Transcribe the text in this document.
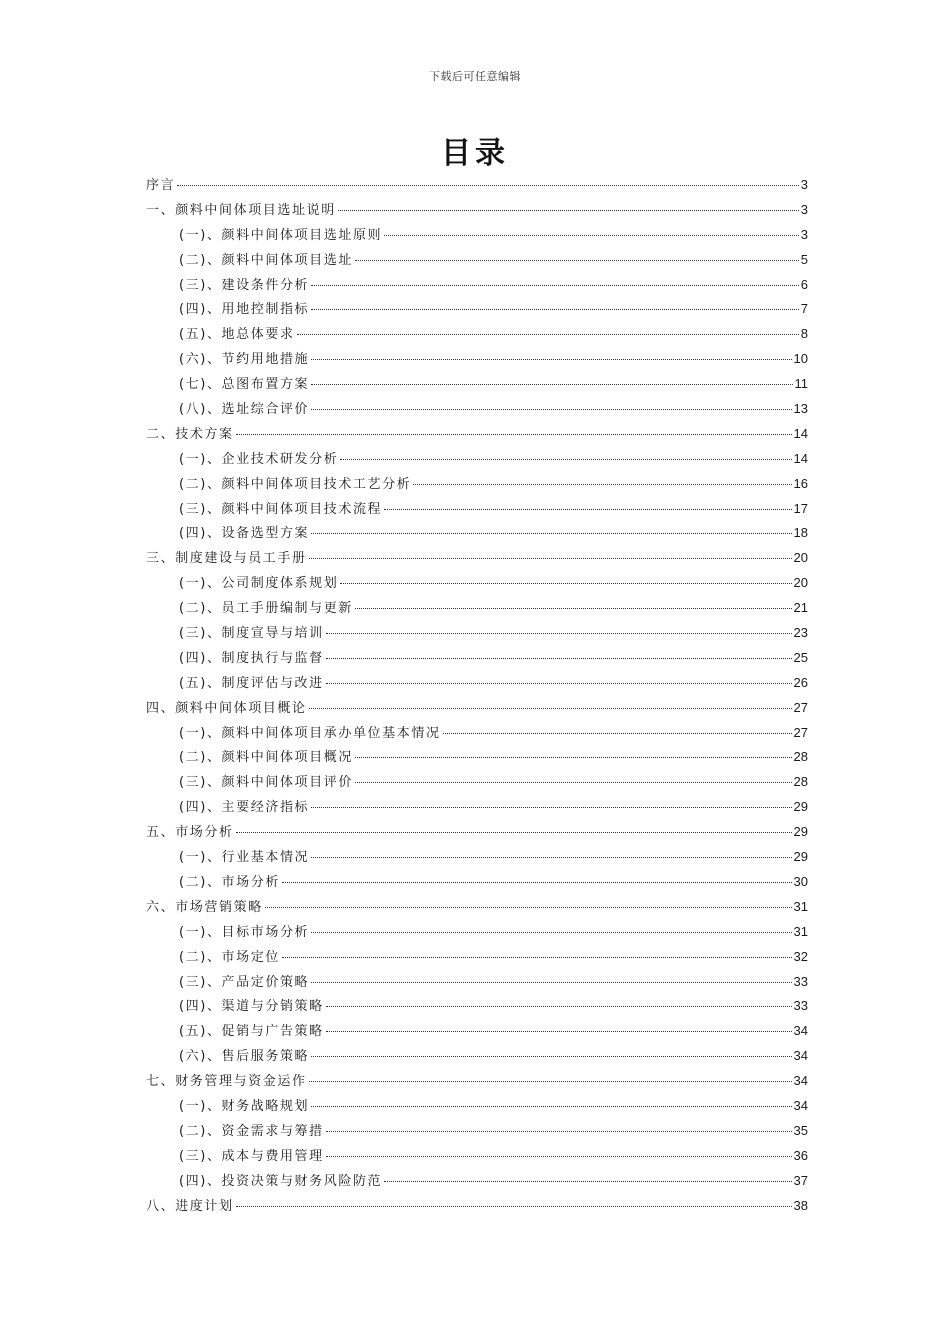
下载后可任意编辑
目录
序言	3
一、颜料中间体项目选址说明	3
(一)、颜料中间体项目选址原则	3
(二)、颜料中间体项目选址	5
(三)、建设条件分析	6
(四)、用地控制指标	7
(五)、地总体要求	8
(六)、节约用地措施	10
(七)、总图布置方案	11
(八)、选址综合评价	13
二、技术方案	14
(一)、企业技术研发分析	14
(二)、颜料中间体项目技术工艺分析	16
(三)、颜料中间体项目技术流程	17
(四)、设备选型方案	18
三、制度建设与员工手册	20
(一)、公司制度体系规划	20
(二)、员工手册编制与更新	21
(三)、制度宣导与培训	23
(四)、制度执行与监督	25
(五)、制度评估与改进	26
四、颜料中间体项目概论	27
(一)、颜料中间体项目承办单位基本情况	27
(二)、颜料中间体项目概况	28
(三)、颜料中间体项目评价	28
(四)、主要经济指标	29
五、市场分析	29
(一)、行业基本情况	29
(二)、市场分析	30
六、市场营销策略	31
(一)、目标市场分析	31
(二)、市场定位	32
(三)、产品定价策略	33
(四)、渠道与分销策略	33
(五)、促销与广告策略	34
(六)、售后服务策略	34
七、财务管理与资金运作	34
(一)、财务战略规划	34
(二)、资金需求与筹措	35
(三)、成本与费用管理	36
(四)、投资决策与财务风险防范	37
八、进度计划	38
